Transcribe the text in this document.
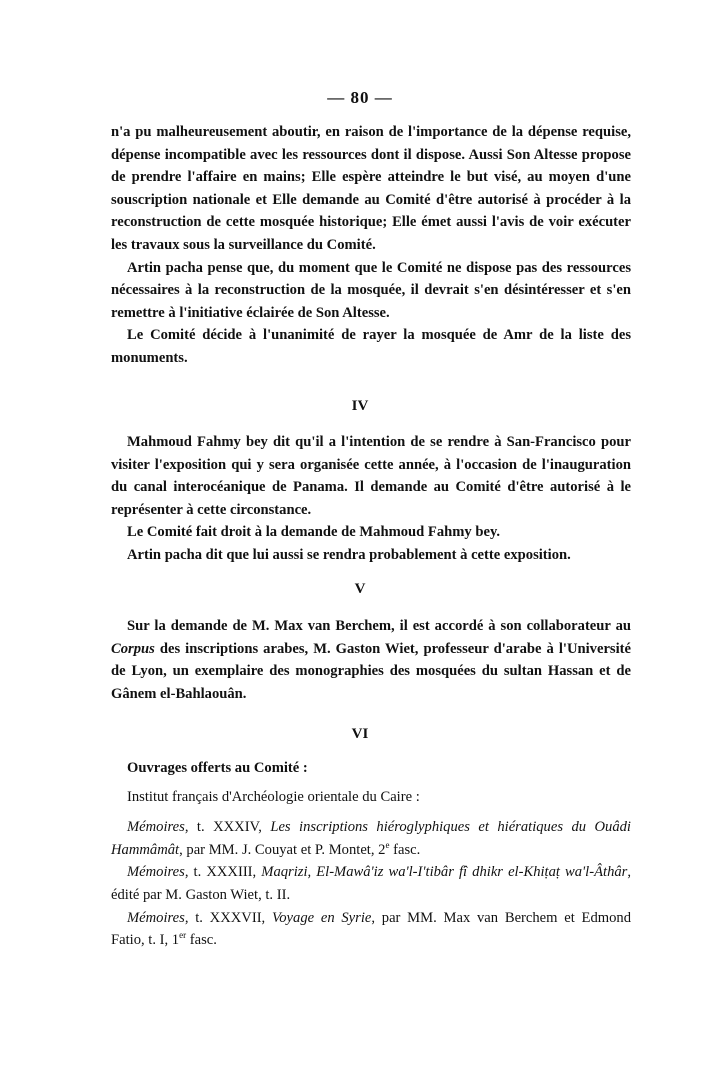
— 80 —

n'a pu malheureusement aboutir, en raison de l'importance de la dépense requise, dépense incompatible avec les ressources dont il dispose. Aussi Son Altesse propose de prendre l'affaire en mains; Elle espère atteindre le but visé, au moyen d'une souscription nationale et Elle demande au Comité d'être autorisé à procéder à la reconstruction de cette mosquée historique; Elle émet aussi l'avis de voir exécuter les travaux sous la surveillance du Comité.

Artin pacha pense que, du moment que le Comité ne dispose pas des ressources nécessaires à la reconstruction de la mosquée, il devrait s'en désintéresser et s'en remettre à l'initiative éclairée de Son Altesse.

Le Comité décide à l'unanimité de rayer la mosquée de Amr de la liste des monuments.

IV

Mahmoud Fahmy bey dit qu'il a l'intention de se rendre à San-Francisco pour visiter l'exposition qui y sera organisée cette année, à l'occasion de l'inauguration du canal interocéanique de Panama. Il demande au Comité d'être autorisé à le représenter à cette circonstance.

Le Comité fait droit à la demande de Mahmoud Fahmy bey.

Artin pacha dit que lui aussi se rendra probablement à cette exposition.

V

Sur la demande de M. Max van Berchem, il est accordé à son collaborateur au Corpus des inscriptions arabes, M. Gaston Wiet, professeur d'arabe à l'Université de Lyon, un exemplaire des monographies des mosquées du sultan Hassan et de Gânem el-Bahlaouân.

VI

Ouvrages offerts au Comité :

Institut français d'Archéologie orientale du Caire :

Mémoires, t. XXXIV, Les inscriptions hiéroglyphiques et hiératiques du Ouâdi Hammâmât, par MM. J. Couyat et P. Montet, 2e fasc.

Mémoires, t. XXXIII, Maqrizi, El-Mawâ'iz wa'l-I'tibâr fî dhikr el-Khiṭaṭ wa'l-Âthâr, édité par M. Gaston Wiet, t. II.

Mémoires, t. XXXVII, Voyage en Syrie, par MM. Max van Berchem et Edmond Fatio, t. I, 1er fasc.
